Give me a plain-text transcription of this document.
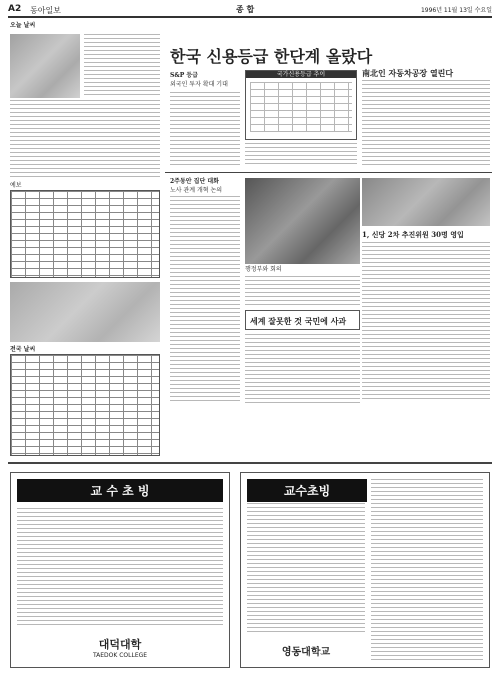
A2 동아일보	종 합	1996년 11월 13일 수요일
오늘 날씨
예보
전국 날씨
한국 신용등급 한단계 올랐다
S&P 등급
외국인 투자 확대 기대
국가신용등급 추이	南北인 자동차공장 열린다
2주동안 집단 대화
노사 관계 개혁 논의
행정부와 회의
1, 신당 2차 추진위원 30명 영입
세계 잘못한 것 국민에 사과
교 수 초 빙
대덕대학
TAEDOK COLLEGE
교수초빙
영동대학교
